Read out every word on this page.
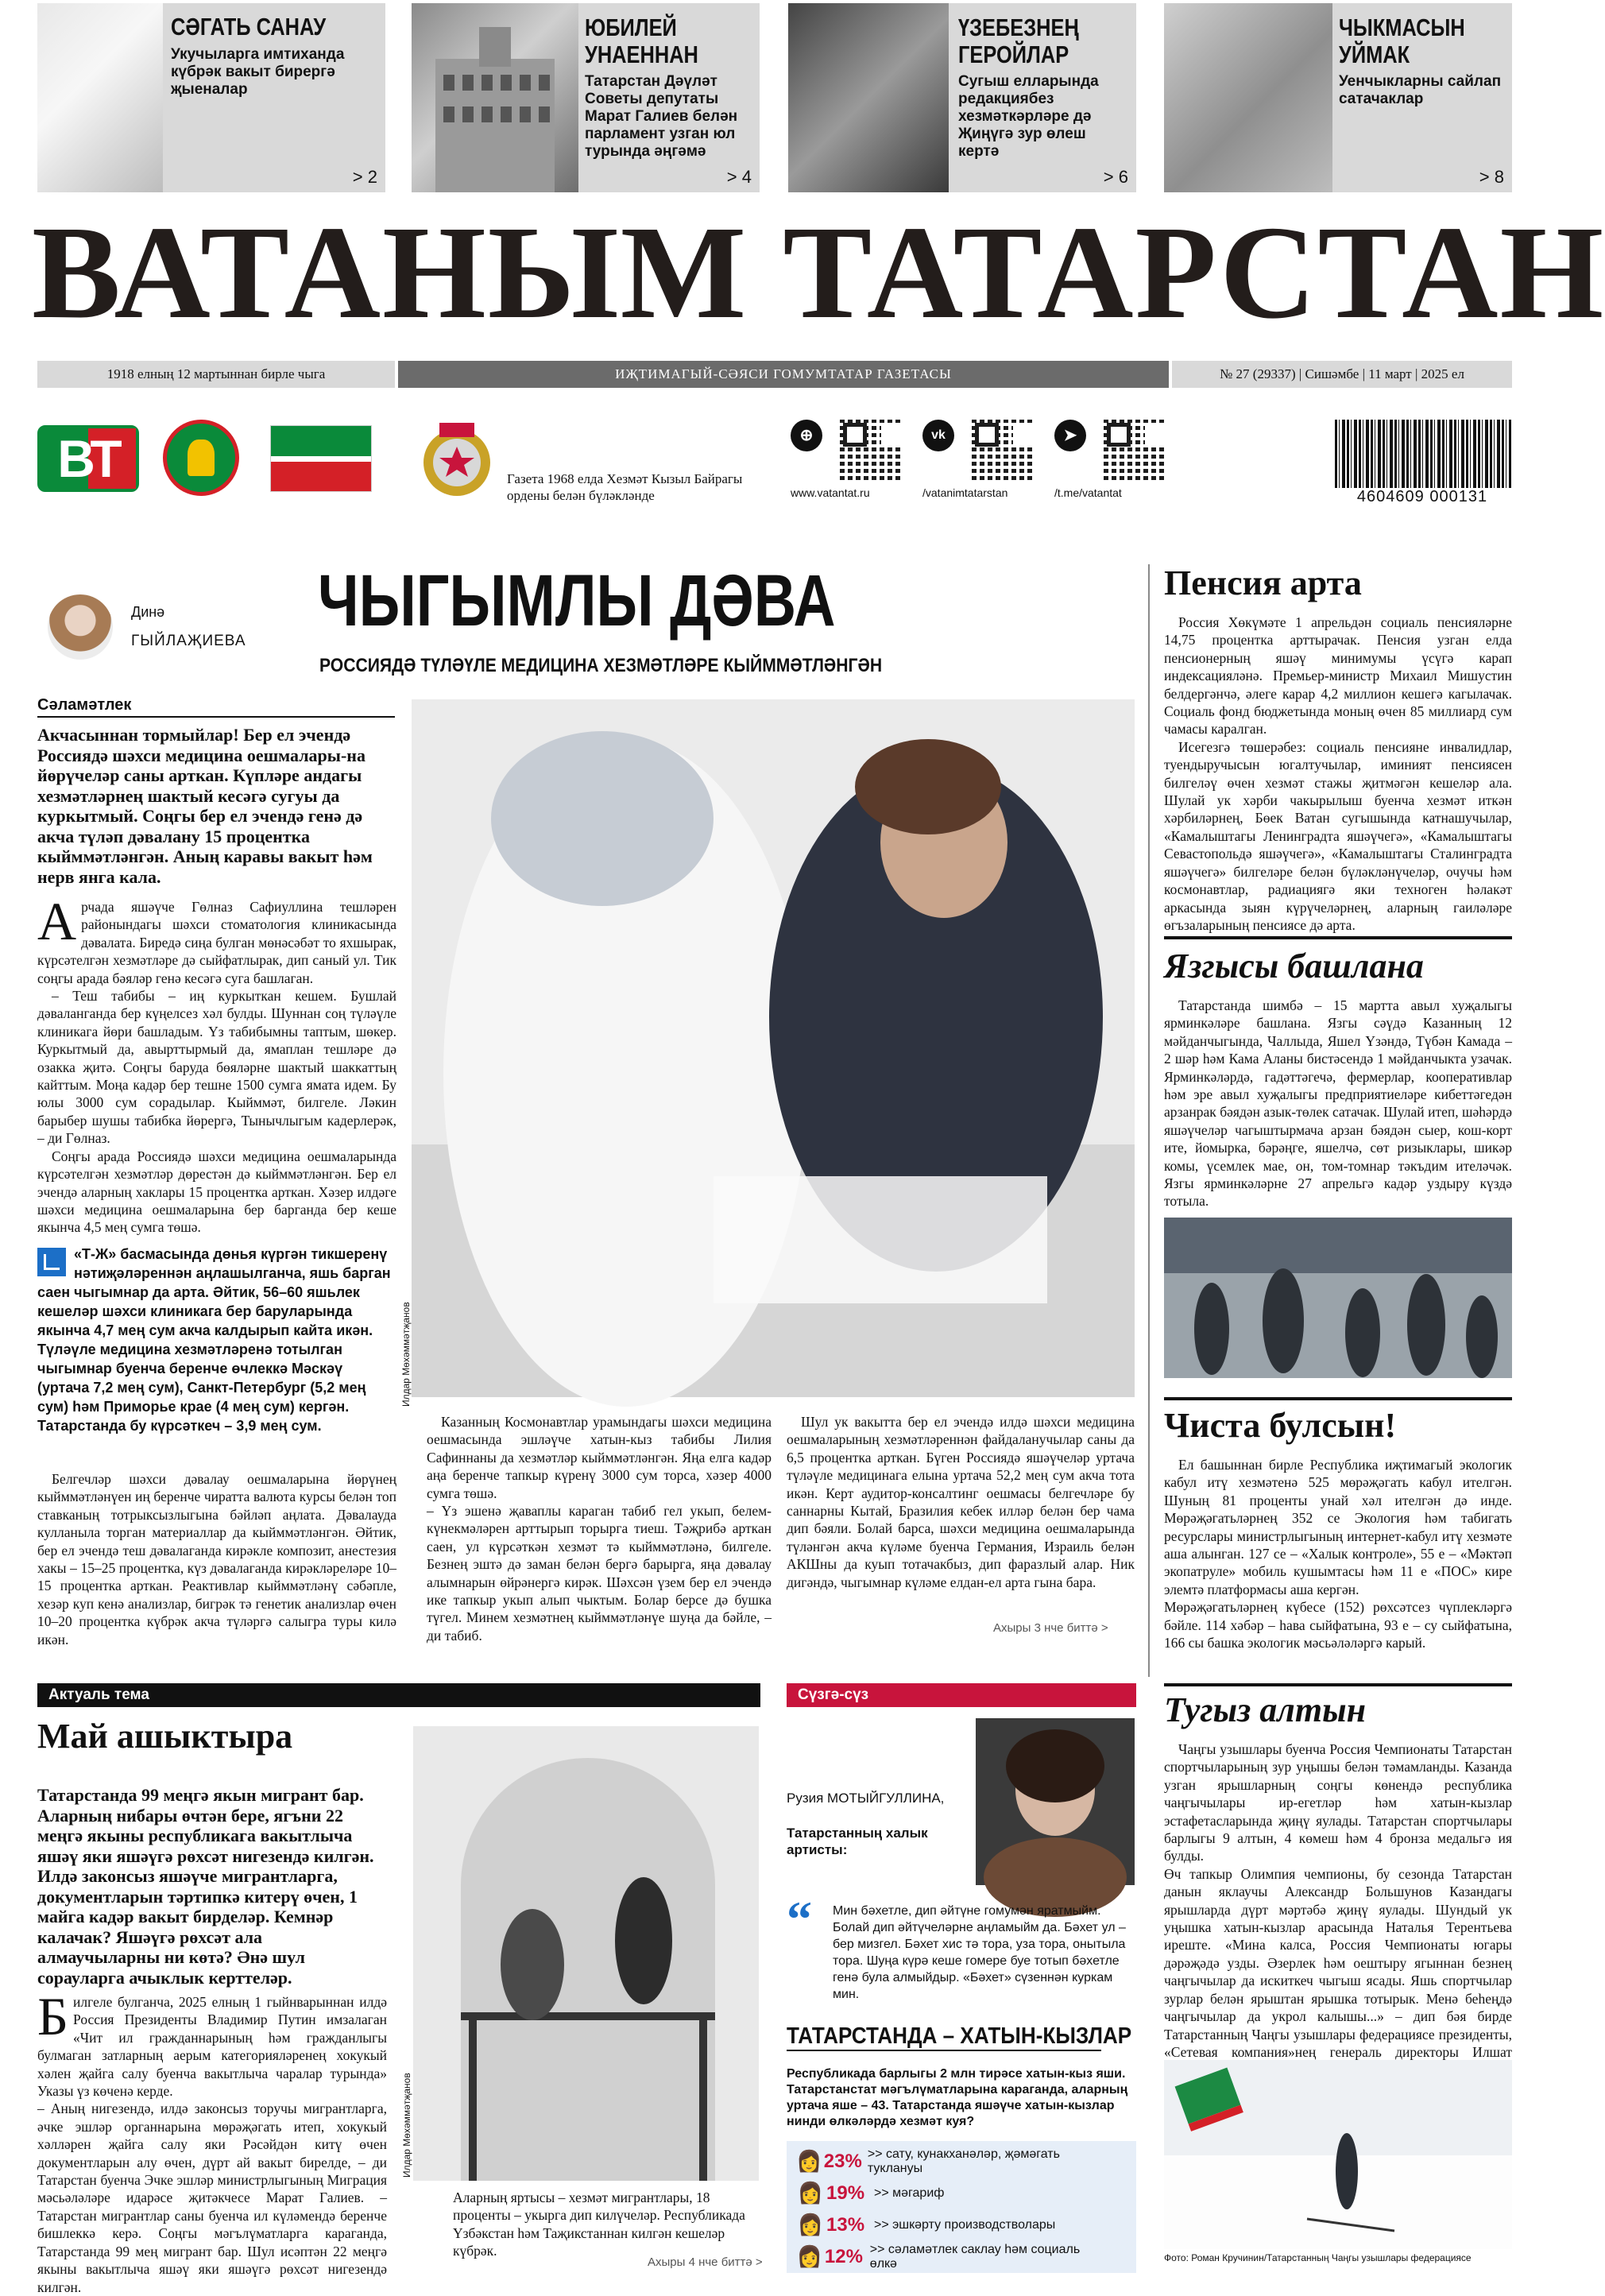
СӘГАТЬ САНАУ
Укучыларга имтиханда күбрәк вакыт бирергә җыеналар
> 2
ЮБИЛЕЙ УНАЕННАН
Татарстан Дәүләт Советы депутаты Марат Галиев белән парламент узган юл турында әңгәмә
> 4
ҮЗЕБЕЗНЕҢ ГЕРОЙЛАР
Сугыш елларында редакциябез хезмәткәрләре дә Җиңүгә зур өлеш кертә
> 6
ЧЫКМАСЫН УЙМАК
Уенчыкларны сайлап сатачаклар
> 8
ВАТАНЫМ ТАТАРСТАН
1918 елның 12 мартыннан бирле чыга	ИҖТИМАГЫЙ-СӘЯСИ ГОМУМТАТАР ГАЗЕТАСЫ	№ 27 (29337) | Сишәмбе | 11 март | 2025 ел
ВТ	Газета 1968 елда Хезмәт Кызыл Байрагы ордены белән бүләкләнде
⊕
www.vatantat.ru
vk
/vatanimtatarstan
➤
/t.me/vatantat	4604609 000131
Динә
ГЫЙЛАҖИЕВА ЧЫГЫМЛЫ ДӘВА
РОССИЯДӘ ТҮЛӘҮЛЕ МЕДИЦИНА ХЕЗМӘТЛӘРЕ КЫЙММӘТЛӘНГӘН
Сәламәтлек
Акчасыннан тормыйлар! Бер ел эчендә Россиядә шәхси медицина оешмалары-на йөрүчеләр саны арткан. Күпләре андагы хезмәтләрнең шактый кесәгә сугуы да куркытмый. Соңгы бер ел эчендә генә дә акча түләп дәвалану 15 процентка кыйммәтләнгән. Аның каравы вакыт һәм нерв янга кала.
А рчада яшәүче Гөлназ Сафиуллина тешләрен районындагы шәхси стоматология клиникасында дәвалата. Биредә сиңа булган мөнәсәбәт то яхшырак, күрсәтелгән хезмәтләре дә сыйфатлырак, дип саный ул. Тик соңгы арада бәяләр генә кесәгә суга башлаган.

– Теш табибы – иң куркыткан кешем. Бушлай дәваланганда бер күңелсез хәл булды. Шуннан соң түләүле клиникага йөри башладым. Үз табибымны таптым, шөкер. Куркытмый да, авырттырмый да, ямаплан тешләре дә озакка җитә. Соңгы баруда бөяләрне шактый шаккаттың кайттым. Моңа кадәр бер тешне 1500 сумга ямата идем. Бу юлы 3000 сум сорадылар. Кыйммәт, билгеле. Ләкин барыбер шушы табибка йөрергә, Тынычлыгым кадерлерәк, – ди Гөлназ.

Соңгы арада Россиядә шәхси медицина оешмаларында күрсәтелгән хезмәтләр дөрестән дә кыйммәтләнгән. Бер ел эчендә аларның хаклары 15 процентка арткан. Хәзер илдәге шәхси медицина оешмаларына бер барганда бер кеше якынча 4,5 мең сумга төшә.

«Т-Ж» басмасында дөнья күргән тикшеренү нәтиҗәләреннән аңлашылганча, яшь барган саен чыгымнар да арта. Әйтик, 56–60 яшьлек кешеләр шәхси клиникага бер баруларында якынча 4,7 мең сум акча калдырып кайта икән. Түләүле медицина хезмәтләренә тотылган чыгымнар буенча беренче өчлеккә Мәскәү (уртача 7,2 мең сум), Санкт-Петербург (5,2 мең сум) һәм Приморье крае (4 мең сум) кергән. Татарстанда бу күрсәткеч – 3,9 мең сум.

Белгечләр шәхси дәвалау оешмаларына йөрүнең кыйммәтләнүен иң беренче чиратта валюта курсы белән топ ставканың тотрыксызлыгына бәйләп аңлата. Дәвалауда кулланыла торган материаллар да кыйммәтләнгән. Әйтик, бер ел эчендә теш дәвалаганда кирәкле композит, анестезия хакы – 15–25 процентка, күз дәвалаганда кирәкләреләре 10–15 процентка арткан. Реактивлар кыйммәтләнү сәбәпле, хезәр куп кенә анализлар, бигрәк тә генетик анализлар өчен 10–20 процентка күбрәк акча түләргә салыгра туры килә икән.

Илдар Мөхәммәтҗанов
Казанның Космонавтлар урамындагы шәхси медицина оешмасында эшләүче хатын-кыз табибы Лилия Сафиннаны да хезмәтләр кыйммәтләнгән. Яңа елга кадәр аңа беренче тапкыр күренү 3000 сум торса, хәзер 4000 сумга төшә.
– Үз эшенә җаваплы караган табиб гел укып, белем-күнекмәләрен арттырып торырга тиеш. Тәҗрибә арткан саен, ул күрсәткән хезмәт тә кыйммәтләнә, билгеле. Безнең эштә дә заман белән бергә барырга, яңа дәвалау алымнарын өйрәнергә кирәк. Шәхсән үзем бер ел эчендә ике тапкыр укып алып чыктым. Болар берсе дә бушка түгел. Минем хезмәтнең кыйммәтләнүе шуңа да бәйле, – ди табиб.
Шул ук вакытта бер ел эчендә илдә шәхси медицина оешмаларының хезмәтләреннән файдаланучылар саны да 6,5 процентка арткан. Бүген Россиядә яшәүчеләр уртача түләүле медицинага елына уртача 52,2 мең сум акча тота икән. Керт аудитор-консалтинг оешмасы белгечләре бу саннарны Кытай, Бразилия кебек илләр белән бер чама дип бәяли. Болай барса, шәхси медицина оешмаларында түләнгән акча күләме буенча Германия, Израиль белән АКШны да куып тотачакбыз, дип фаразлый алар. Ник дигәндә, чыгымнар күләме елдан-ел арта гына бара.
Ахыры 3 нче биттә >
Пенсия арта

Россия Хөкүмәте 1 апрельдән социаль пенсияләрне 14,75 процентка арттырачак. Пенсия узган елда пенсионерның яшәү минимумы үсүгә карап индексацияләнә. Премьер-министр Михаил Мишустин белдергәнчә, әлеге карар 4,2 миллион кешегә кагылачак. Социаль фонд бюджетында моның өчен 85 миллиард сум чамасы каралган.

Исегезгә төшерәбез: социаль пенсияне инвалидлар, туендыручысын югалтучылар, иминият пенсиясен билгеләү өчен хезмәт стажы җитмәгән кешеләр ала. Шулай ук хәрби чакырылыш буенча хезмәт иткән хәрбиләрнең, Бөек Ватан сугышында катнашучылар, «Камалыштагы Ленинградта яшәүчегә», «Камалыштагы Севастопольдә яшәүчегә», «Камалыштагы Сталинградта яшәүчегә» билгеләре белән бүләкләнүчеләр, очучы һәм космонавтлар, радиациягә яки техноген һәлакәт аркасында зыян күрүчеләрнең, аларның гаиләләре өгъзаларының пенсиясе дә арта.

Язгысы башлана
Татарстанда шимбә – 15 мартта авыл хуҗалыгы ярминкәләре башлана. Язгы сәүдә Казанның 12 мәйданчыгында, Чаллыда, Яшел Үзәндә, Түбән Камада – 2 шәр һәм Кама Аланы бистәсендә 1 мәйданчыкта узачак. Ярминкәләрдә, гадәттәгечә, фермерлар, кооперативлар һәм эре авыл хуҗалыгы предприятиеләре кибеттәгедән арзанрак бәядән азык-төлек сатачак. Шулай итеп, шәһәрдә яшәүчеләр чагыштырмача арзан бәядән сыер, кош-корт ите, йомырка, бәрәңге, яшелчә, сөт ризыклары, шикәр комы, үсемлек мае, он, том-томнар тәкъдим ителәчәк. Язгы ярминкәләрне 27 апрельгә кадәр уздыру күздә тотыла.
Чиста булсын!
Ел башыннан бирле Республика иҗтимагый экологик кабул итү хезмәтенә 525 мөрәҗәгать кабул ителгән. Шуның 81 проценты унай хәл ителгән дә инде. Мөрәҗәгатьләрнең 352 се Экология һәм табигать ресурслары министрлыгының интернет-кабул итү хезмәте аша алынган. 127 се – «Халык контроле», 55 е – «Мәктәп экопатруле» мобиль кушымтасы һәм 11 е «ПОС» кире элемтә платформасы аша кергән.
Мөрәҗәгатьләрнең күбесе (152) рөхсәтсез чүплекләргә бәйле. 114 хәбәр – һава сыйфатына, 93 е – су сыйфатына, 166 сы башка экологик мәсьәләләргә карый.
Тугыз алтын
Чаңгы узышлары буенча Россия Чемпионаты Татарстан спортчыларының зур уңышы белән тәмамланды. Казанда узган ярышларның соңгы көнендә республика чаңгычылары ир-егетләр һәм хатын-кызлар эстафетасларында җиңү яулады. Татарстан спортчылары барлыгы 9 алтын, 4 көмеш һәм 4 бронза медальгә ия булды.
Өч тапкыр Олимпия чемпионы, бу сезонда Татарстан данын яклаучы Александр Большунов Казандагы ярышларда дүрт мәртәбә җиңү яулады. Шундый ук уңышка хатын-кызлар арасында Наталья Терентьева иреште. «Мина калса, Россия Чемпионаты югары дәрәҗәдә узды. Әзерлек һәм оештыру ягыннан безнең чаңгычылар да искиткеч чыгыш ясады. Яшь спортчылар зурлар белән ярыштан ярышка тотырык. Менә беһеңдә чаңгычылар да укрол калышы...» – дип бәя бирде Татарстанның Чаңгы узышлары федерациясе президенты, «Сетевая компания»нең генераль директоры Илшат
Фото: Роман Кручинин/Татарстанның Чаңгы узышлары федерациясе
Актуаль тема
Май ашыктыра
Татарстанда 99 меңгә якын мигрант бар. Аларның нибары өчтән бере, ягъни 22 меңгә якыны республикага вакытлыча яшәү яки яшәүгә рөхсәт нигезендә килгән. Илдә законсыз яшәүче мигрантларга, документларын тәртипкә китерү өчен, 1 майга кадәр вакыт бирделәр. Кемнәр калачак? Яшәүгә рөхсәт ала алмаучыларны ни көтә? Әнә шул сорауларга ачыклык керттеләр.
Б илгеле булганча, 2025 елның 1 гыйнварыннан илдә Россия Президенты Владимир Путин имзалаган «Чит ил гражданнарының һәм гражданлыгы булмаган затларның аерым категорияләренең хокукый хәлен җайга салу буенча вакытлыча чаралар турында» Указы үз көченә керде.
– Аның нигезендә, илдә законсыз торучы мигрантларга, әчке эшләр органнарына мөрәҗәгать итеп, хокукый хәлләрен җайга салу яки Рәсәйдән китү өчен документларын алу өчен, дүрт ай вакыт бирелде, – ди Татарстан буенча Эчке эшләр министрлыгының Миграция мәсьәләләре идарәсе җитәкчесе Марат Галиев. – Татарстан мигрантлар саны буенча ил күләмендә беренче бишлеккә керә. Соңгы мәгълүматларга караганда, Татарстанда 99 мең мигрант бар. Шул исәптән 22 меңгә якыны вакытлыча яшәү яки яшәүгә рөхсәт нигезендә килгән.
Илдар Мөхәммәтҗанов
Аларның яртысы – хезмәт мигрантлары, 18 проценты – укырга дип килүчеләр. Республикада Үзбәкстан һәм Таҗикстаннан килгән кешеләр күбрәк.
Ахыры 4 нче биттә >
Сүзгә-сүз
Рузия МОТЫЙГУЛЛИНА,
Татарстанның халык артисты:
“ Мин бәхетле, дип әйтүне гомумән яратмыйм. Болай дип әйтүчеләрне аңламыйм да. Бәхет ул – бер мизгел. Бәхет хис тә тора, уза тора, онытыла тора. Шуңа күрә кеше гомере буе тотып бәхетле генә була алмыйдыр. «Бәхет» сүзеннән куркам мин.
ТАТАРСТАНДА – ХАТЫН-КЫЗЛАР
Республикада барлыгы 2 млн тирәсе хатын-кыз яши. Татарстанстат мәгълүматларына караганда, аларның уртача яше – 43. Татарстанда яшәүче хатын-кызлар нинди өлкәләрдә хезмәт куя?
👩 23% >> сату, кунакханәләр, җәмәгать туклануы
👩 19% >> мәгариф
👩 13% >> эшкәрту производстволары
👩 12% >> сәламәтлек саклау һәм социаль өлкә
